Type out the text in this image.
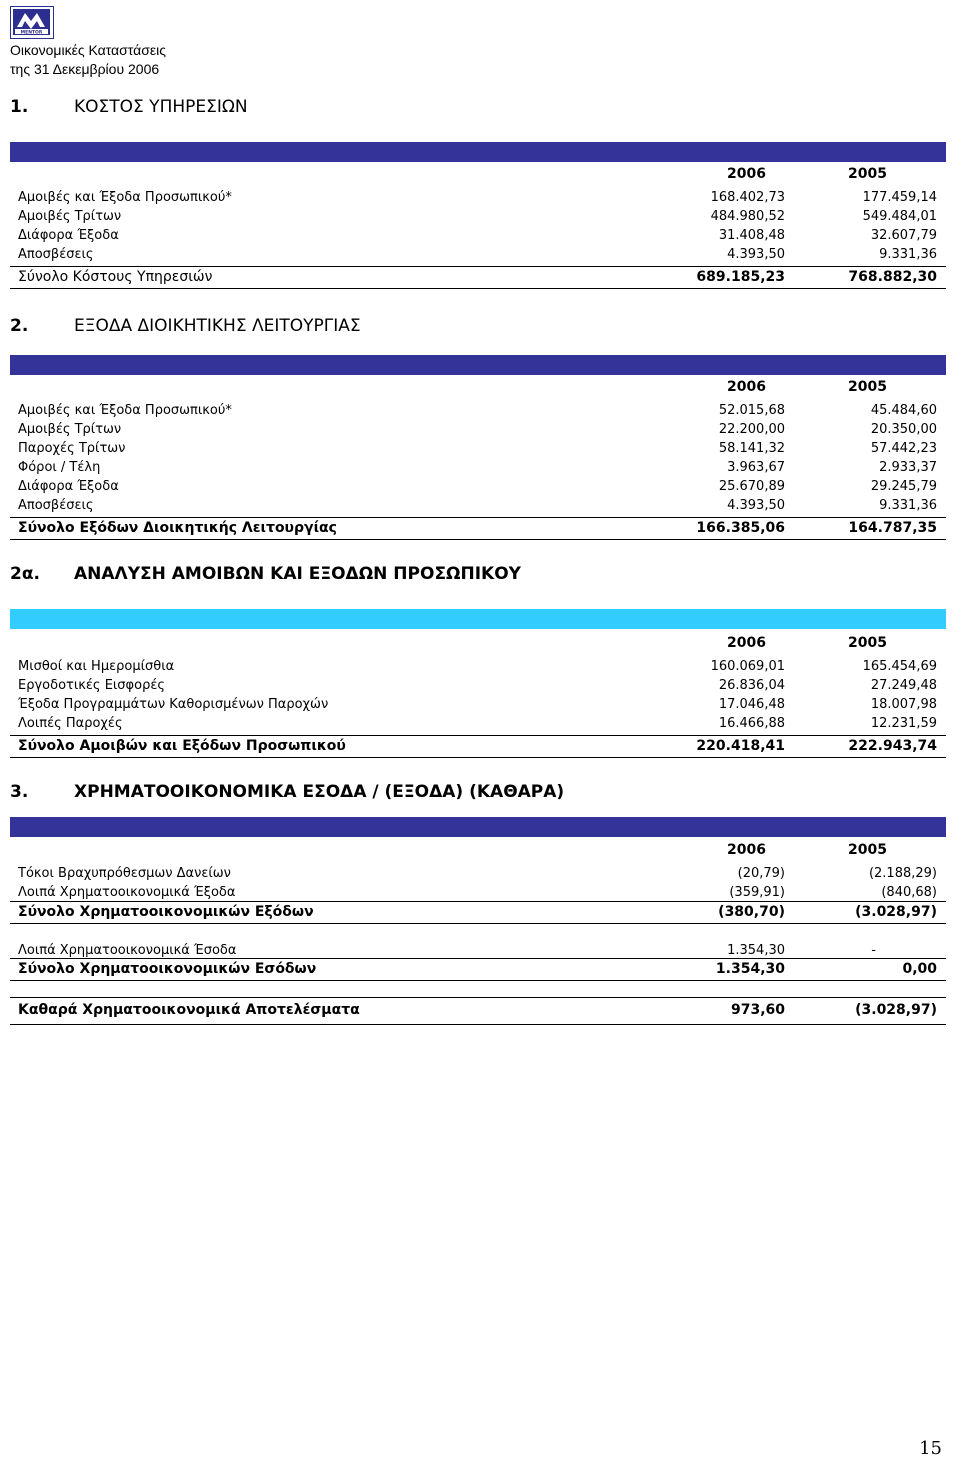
MENTOR
Οικονομικές Καταστάσεις
της 31 Δεκεμβρίου 2006
1.	ΚΟΣΤΟΣ ΥΠΗΡΕΣΙΩΝ
2006	2005
Αμοιβές και Έξοδα Προσωπικού*	168.402,73	177.459,14
Αμοιβές Τρίτων	484.980,52	549.484,01
Διάφορα Έξοδα	31.408,48	32.607,79
Αποσβέσεις	4.393,50	9.331,36
Σύνολο Κόστους Υπηρεσιών	689.185,23	768.882,30
2.	ΕΞΟΔΑ ΔΙΟΙΚΗΤΙΚΗΣ ΛΕΙΤΟΥΡΓΙΑΣ
2006	2005
Αμοιβές και Έξοδα Προσωπικού*	52.015,68	45.484,60
Αμοιβές Τρίτων	22.200,00	20.350,00
Παροχές Τρίτων	58.141,32	57.442,23
Φόροι / Τέλη	3.963,67	2.933,37
Διάφορα Έξοδα	25.670,89	29.245,79
Αποσβέσεις	4.393,50	9.331,36
Σύνολο Εξόδων Διοικητικής Λειτουργίας	166.385,06	164.787,35
2α. ΑΝΑΛΥΣΗ ΑΜΟΙΒΩΝ ΚΑΙ ΕΞΟΔΩΝ ΠΡΟΣΩΠΙΚΟΥ
2006	2005
Μισθοί και Ημερομίσθια	160.069,01	165.454,69
Εργοδοτικές Εισφορές	26.836,04	27.249,48
Έξοδα Προγραμμάτων Καθορισμένων Παροχών	17.046,48	18.007,98
Λοιπές Παροχές	16.466,88	12.231,59
Σύνολο Αμοιβών και Εξόδων Προσωπικού	220.418,41	222.943,74
3.	ΧΡΗΜΑΤΟΟΙΚΟΝΟΜΙΚΑ ΕΣΟΔΑ / (ΕΞΟΔΑ) (ΚΑΘΑΡΑ)
2006	2005
Τόκοι Βραχυπρόθεσμων Δανείων	(20,79)	(2.188,29)
Λοιπά Χρηματοοικονομικά Έξοδα	(359,91)	(840,68)
Σύνολο Χρηματοοικονομικών Εξόδων	(380,70)	(3.028,97)
Λοιπά Χρηματοοικονομικά Έσοδα	1.354,30	-
Σύνολο Χρηματοοικονομικών Εσόδων	1.354,30	0,00
Καθαρά Χρηματοοικονομικά Αποτελέσματα	973,60	(3.028,97)
15
